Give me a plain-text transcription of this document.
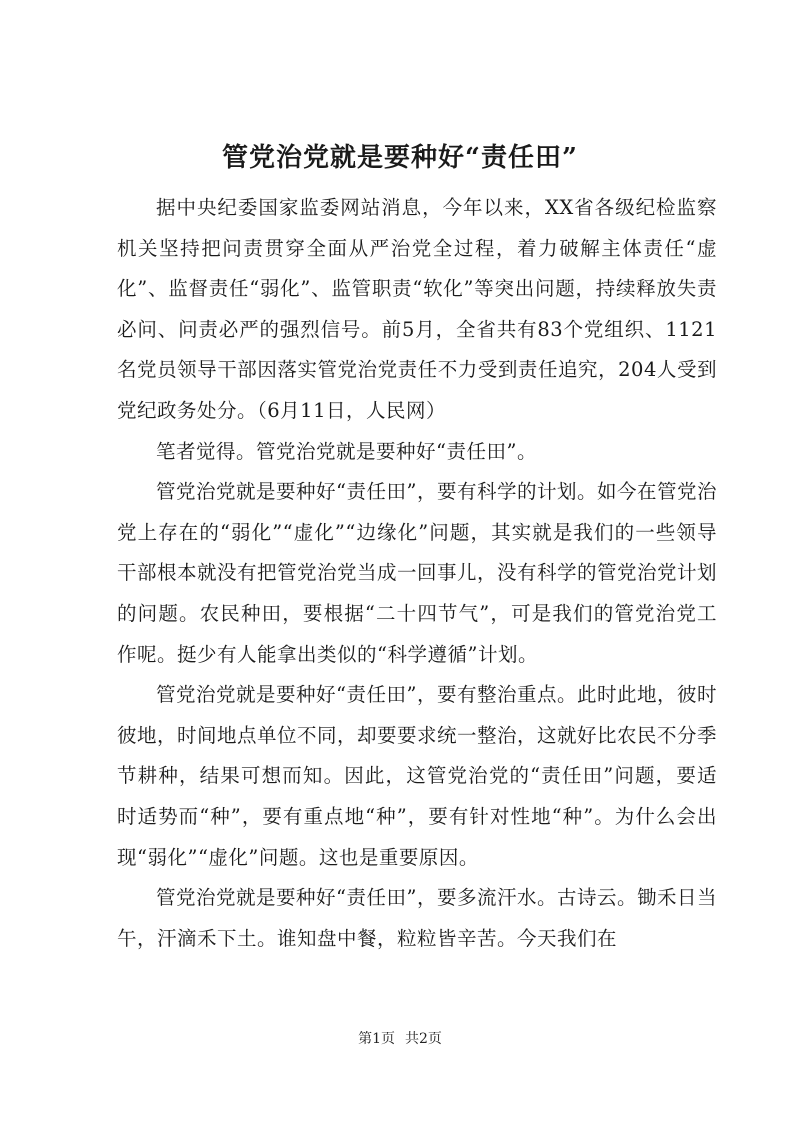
管党治党就是要种好“责任田”

据中央纪委国家监委网站消息，今年以来，XX省各级纪检监察机关坚持把问责贯穿全面从严治党全过程，着力破解主体责任“虚化”、监督责任“弱化”、监管职责“软化”等突出问题，持续释放失责必问、问责必严的强烈信号。前5月，全省共有83个党组织、1121名党员领导干部因落实管党治党责任不力受到责任追究，204人受到党纪政务处分。（6月11日，人民网）

笔者觉得。管党治党就是要种好“责任田”。

管党治党就是要种好“责任田”，要有科学的计划。如今在管党治党上存在的“弱化”“虚化”“边缘化”问题，其实就是我们的一些领导干部根本就没有把管党治党当成一回事儿，没有科学的管党治党计划的问题。农民种田，要根据“二十四节气”，可是我们的管党治党工作呢。挺少有人能拿出类似的“科学遵循”计划。

管党治党就是要种好“责任田”，要有整治重点。此时此地，彼时彼地，时间地点单位不同，却要要求统一整治，这就好比农民不分季节耕种，结果可想而知。因此，这管党治党的“责任田”问题，要适时适势而“种”，要有重点地“种”，要有针对性地“种”。为什么会出现“弱化”“虚化”问题。这也是重要原因。

管党治党就是要种好“责任田”，要多流汗水。古诗云。锄禾日当午，汗滴禾下土。谁知盘中餐，粒粒皆辛苦。今天我们在

第1页 共2页
